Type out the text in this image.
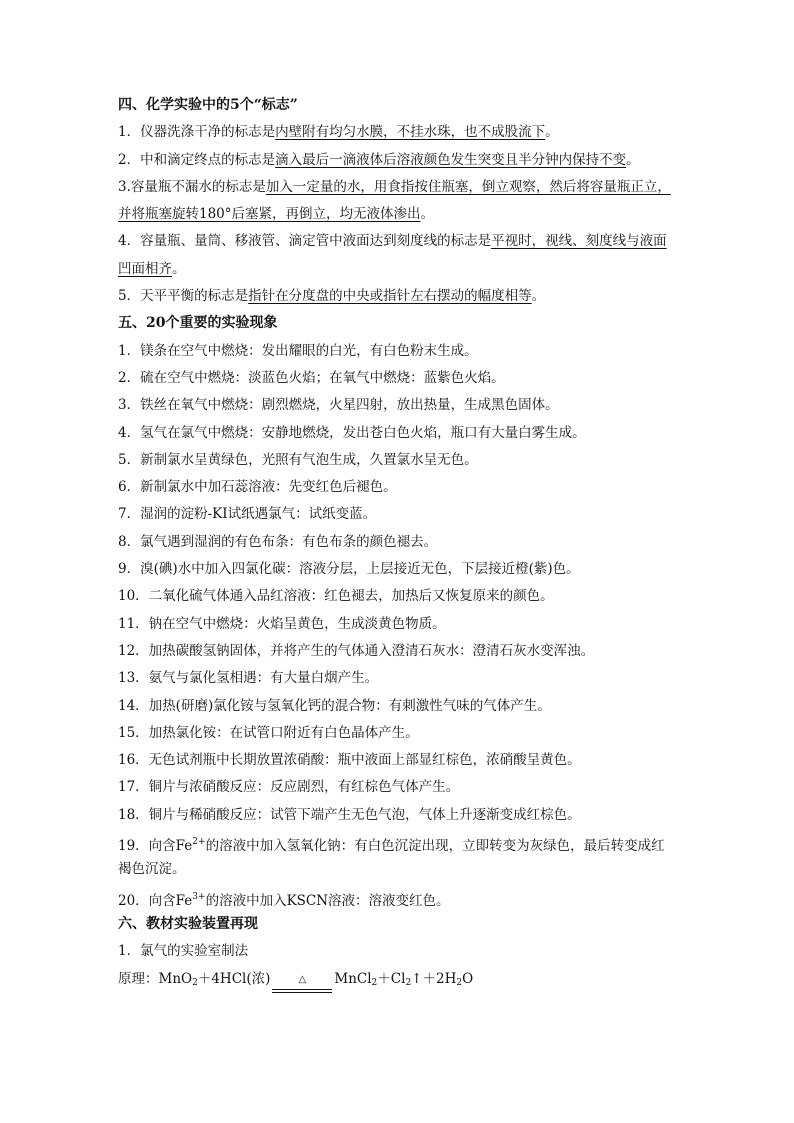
四、化学实验中的5个“标志”
1．仪器洗涤干净的标志是内壁附有均匀水膜，不挂水珠，也不成股流下。
2．中和滴定终点的标志是滴入最后一滴液体后溶液颜色发生突变且半分钟内保持不变。
3.容量瓶不漏水的标志是加入一定量的水，用食指按住瓶塞，倒立观察，然后将容量瓶正立，
并将瓶塞旋转180°后塞紧，再倒立，均无液体渗出。
4．容量瓶、量筒、移液管、滴定管中液面达到刻度线的标志是平视时，视线、刻度线与液面
凹面相齐。
5．天平平衡的标志是指针在分度盘的中央或指针左右摆动的幅度相等。
五、20个重要的实验现象
1．镁条在空气中燃烧：发出耀眼的白光，有白色粉末生成。
2．硫在空气中燃烧：淡蓝色火焰；在氧气中燃烧：蓝紫色火焰。
3．铁丝在氧气中燃烧：剧烈燃烧，火星四射，放出热量，生成黑色固体。
4．氢气在氯气中燃烧：安静地燃烧，发出苍白色火焰，瓶口有大量白雾生成。
5．新制氯水呈黄绿色，光照有气泡生成，久置氯水呈无色。
6．新制氯水中加石蕊溶液：先变红色后褪色。
7．湿润的淀粉-KI试纸遇氯气：试纸变蓝。
8．氯气遇到湿润的有色布条：有色布条的颜色褪去。
9．溴(碘)水中加入四氯化碳：溶液分层，上层接近无色，下层接近橙(紫)色。
10．二氧化硫气体通入品红溶液：红色褪去，加热后又恢复原来的颜色。
11．钠在空气中燃烧：火焰呈黄色，生成淡黄色物质。
12．加热碳酸氢钠固体，并将产生的气体通入澄清石灰水：澄清石灰水变浑浊。
13．氨气与氯化氢相遇：有大量白烟产生。
14．加热(研磨)氯化铵与氢氧化钙的混合物：有刺激性气味的气体产生。
15．加热氯化铵：在试管口附近有白色晶体产生。
16．无色试剂瓶中长期放置浓硝酸：瓶中液面上部显红棕色，浓硝酸呈黄色。
17．铜片与浓硝酸反应：反应剧烈，有红棕色气体产生。
18．铜片与稀硝酸反应：试管下端产生无色气泡，气体上升逐渐变成红棕色。
19．向含$Fe^{2+}$的溶液中加入氢氧化钠：有白色沉淀出现，立即转变为灰绿色，最后转变成红
褐色沉淀。
20．向含$Fe^{3+}$的溶液中加入KSCN溶液：溶液变红色。
六、教材实验装置再现
1．氯气的实验室制法
原理：MnO$_2$＋4HCl(浓)	△	$MnCl_2+Cl_2↑+2H_2O$
